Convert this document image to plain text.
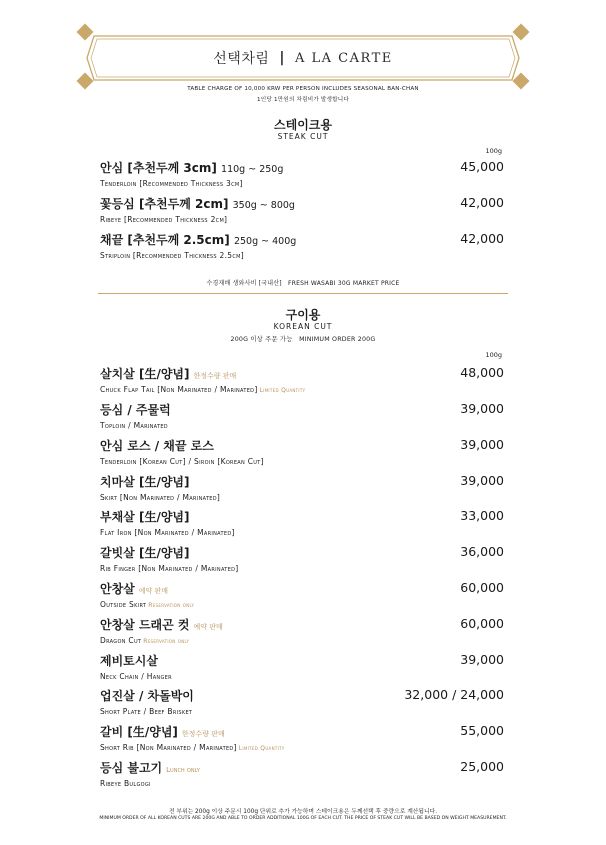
선택차림 | A LA CARTE
TABLE CHARGE OF 10,000 KRW PER PERSON INCLUDES SEASONAL BAN-CHAN
1인당 1만원의 차림비가 발생합니다
스테이크용
STEAK CUT
100g
안심 [추천두께 3cm] 110g ~ 250g
Tenderloin [Recommended Thickness 3cm]
45,000
꽃등심 [추천두께 2cm] 350g ~ 800g
Ribeye [Recommended Thickness 2cm]
42,000
채끝 [추천두께 2.5cm] 250g ~ 400g
Striploin [Recommended Thickness 2.5cm]
42,000
수경재배 생와사비 [국내산]   FRESH WASABI 30G MARKET PRICE
구이용
KOREAN CUT
200G 이상 주문 가능   MINIMUM ORDER 200G
100g
살치살 [生/양념] 한정수량 판매
Chuck Flap Tail [Non Marinated / Marinated] Limited Quantity
48,000
등심 / 주물럭
Toploin / Marinated
39,000
안심 로스 / 채끝 로스
Tenderloin [Korean Cut] / Siroin [Korean Cut]
39,000
치마살 [生/양념]
Skirt [Non Marinated / Marinated]
39,000
부채살 [生/양념]
Flat Iron [Non Marinated / Marinated]
33,000
갈빗살 [生/양념]
Rib Finger [Non Marinated / Marinated]
36,000
안창살 예약 판매
Outside Skirt Reservation only
60,000
안창살 드래곤 컷 예약 판매
Dragon Cut Reservation only
60,000
제비토시살
Neck Chain / Hanger
39,000
업진살 / 차돌박이
Short Plate / Beef Brisket
32,000 / 24,000
갈비 [生/양념] 한정수량 판매
Short Rib [Non Marinated / Marinated] Limited Quantity
55,000
등심 불고기 Lunch only
Ribeye Bulgogi
25,000
전 부위는 200g 이상 주문시 100g 단위로 추가 가능하며 스테이크용은 두께선택 후 중량으로 계산됩니다.
MINIMUM ORDER OF ALL KOREAN CUTS ARE 200G AND ABLE TO ORDER ADDITIONAL 100G OF EACH CUT. THE PRICE OF STEAK CUT WILL BE BASED ON WEIGHT MEASUREMENT.
